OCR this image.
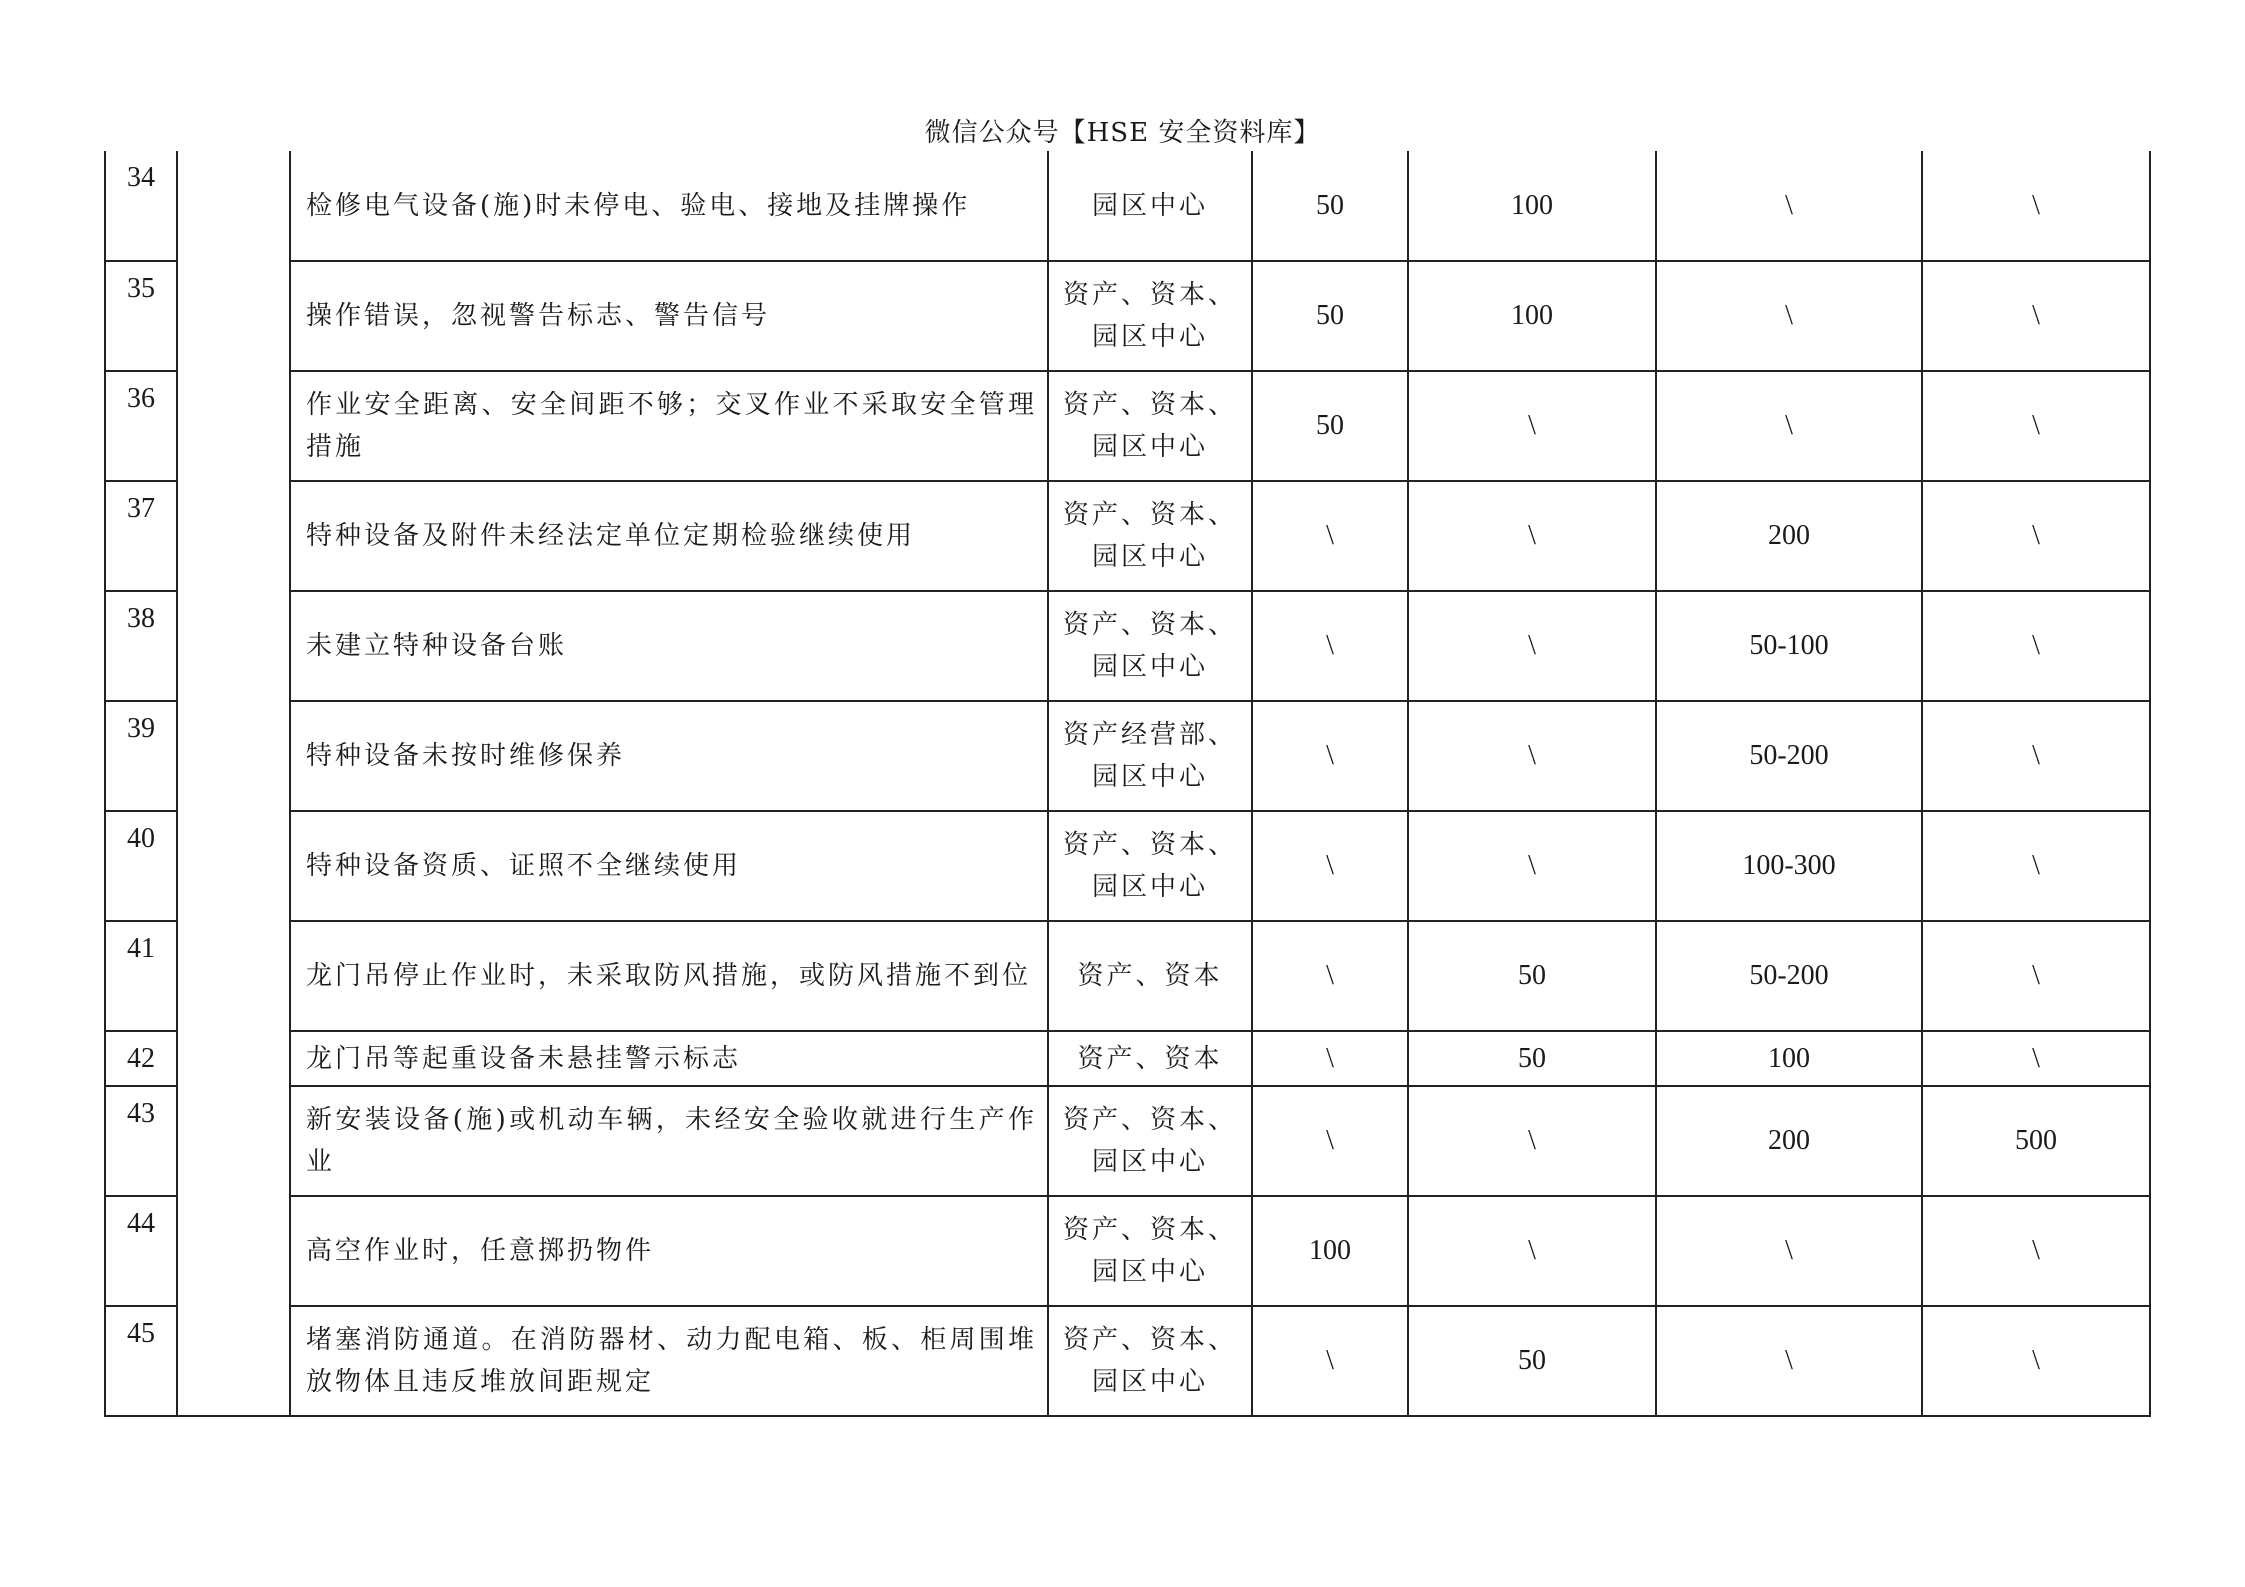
微信公众号【HSE 安全资料库】
34		检修电气设备(施)时未停电、验电、接地及挂牌操作	园区中心	50	100	\	\
35		操作错误，忽视警告标志、警告信号	资产、资本、园区中心	50	100	\	\
36		作业安全距离、安全间距不够；交叉作业不采取安全管理措施	资产、资本、园区中心	50	\	\	\
37		特种设备及附件未经法定单位定期检验继续使用	资产、资本、园区中心	\	\	200	\
38		未建立特种设备台账	资产、资本、园区中心	\	\	50-100	\
39		特种设备未按时维修保养	资产经营部、园区中心	\	\	50-200	\
40		特种设备资质、证照不全继续使用	资产、资本、园区中心	\	\	100-300	\
41		龙门吊停止作业时，未采取防风措施，或防风措施不到位	资产、资本	\	50	50-200	\
42		龙门吊等起重设备未悬挂警示标志	资产、资本	\	50	100	\
43		新安装设备(施)或机动车辆，未经安全验收就进行生产作业	资产、资本、园区中心	\	\	200	500
44		高空作业时，任意掷扔物件	资产、资本、园区中心	100	\	\	\
45		堵塞消防通道。在消防器材、动力配电箱、板、柜周围堆放物体且违反堆放间距规定	资产、资本、园区中心	\	50	\	\
